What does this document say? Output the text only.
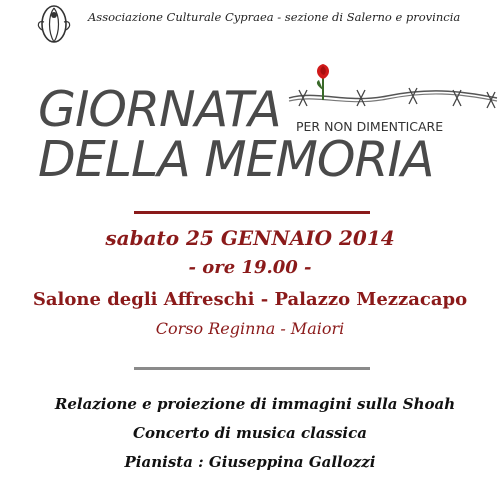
Associazione Culturale Cypraea - sezione di Salerno e provincia
GIORNATA PER NON DIMENTICARE
DELLA MEMORIA
sabato 25 GENNAIO 2014
- ore 19.00 -
Salone degli Affreschi - Palazzo Mezzacapo
Corso Reginna - Maiori
Relazione e proiezione di immagini sulla Shoah
Concerto di musica classica
Pianista : Giuseppina Gallozzi
